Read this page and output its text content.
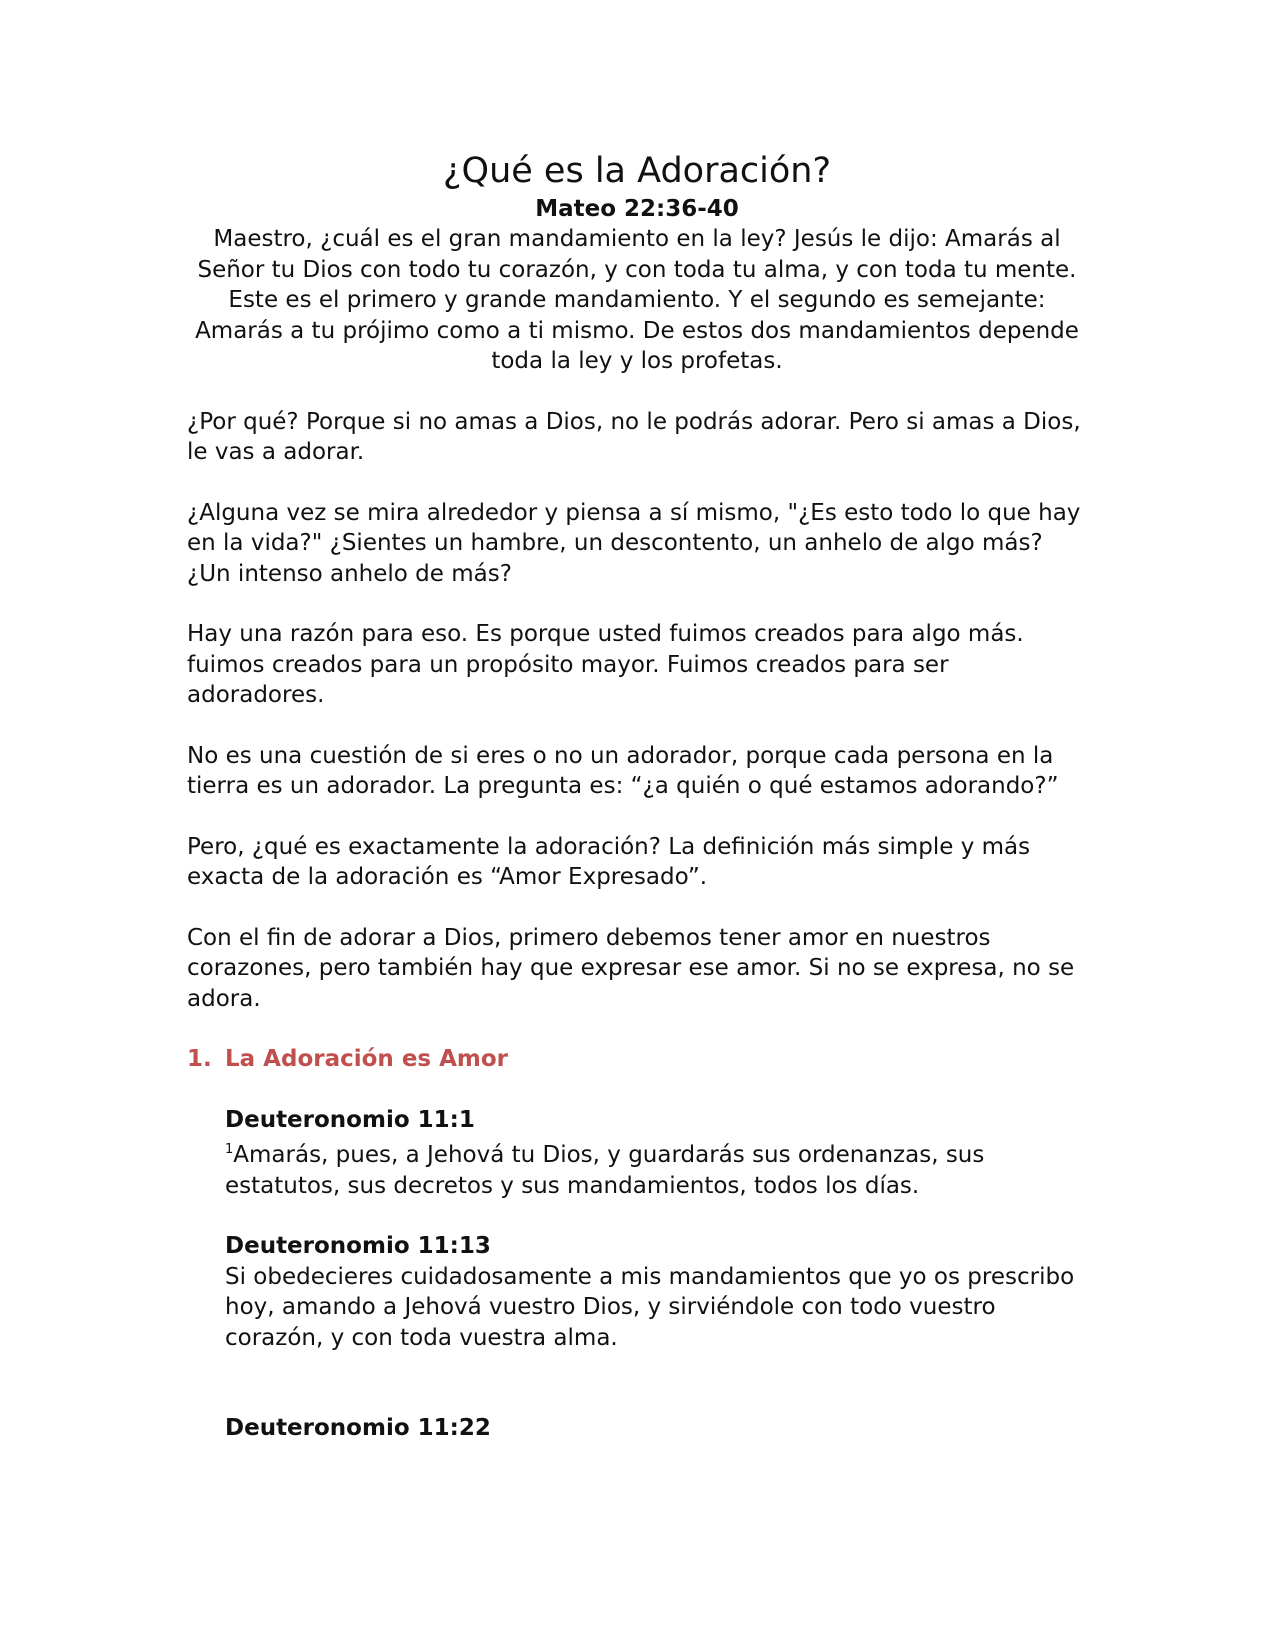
¿Qué es la Adoración?

Mateo 22:36-40

Maestro, ¿cuál es el gran mandamiento en la ley? Jesús le dijo: Amarás al Señor tu Dios con todo tu corazón, y con toda tu alma, y con toda tu mente. Este es el primero y grande mandamiento. Y el segundo es semejante: Amarás a tu prójimo como a ti mismo. De estos dos mandamientos depende toda la ley y los profetas.

¿Por qué? Porque si no amas a Dios, no le podrás adorar. Pero si amas a Dios, le vas a adorar.

¿Alguna vez se mira alrededor y piensa a sí mismo, "¿Es esto todo lo que hay en la vida?" ¿Sientes un hambre, un descontento, un anhelo de algo más? ¿Un intenso anhelo de más?

Hay una razón para eso. Es porque usted fuimos creados para algo más. fuimos creados para un propósito mayor. Fuimos creados para ser adoradores.

No es una cuestión de si eres o no un adorador, porque cada persona en la tierra es un adorador. La pregunta es: “¿a quién o qué estamos adorando?”

Pero, ¿qué es exactamente la adoración? La definición más simple y más exacta de la adoración es “Amor Expresado”.

Con el fin de adorar a Dios, primero debemos tener amor en nuestros corazones, pero también hay que expresar ese amor. Si no se expresa, no se adora.

1. La Adoración es Amor

Deuteronomio 11:1

$^1$Amarás, pues, a Jehová tu Dios, y guardarás sus ordenanzas, sus estatutos, sus decretos y sus mandamientos, todos los días.

Deuteronomio 11:13

Si obedecieres cuidadosamente a mis mandamientos que yo os prescribo hoy, amando a Jehová vuestro Dios, y sirviéndole con todo vuestro corazón, y con toda vuestra alma.

Deuteronomio 11:22
